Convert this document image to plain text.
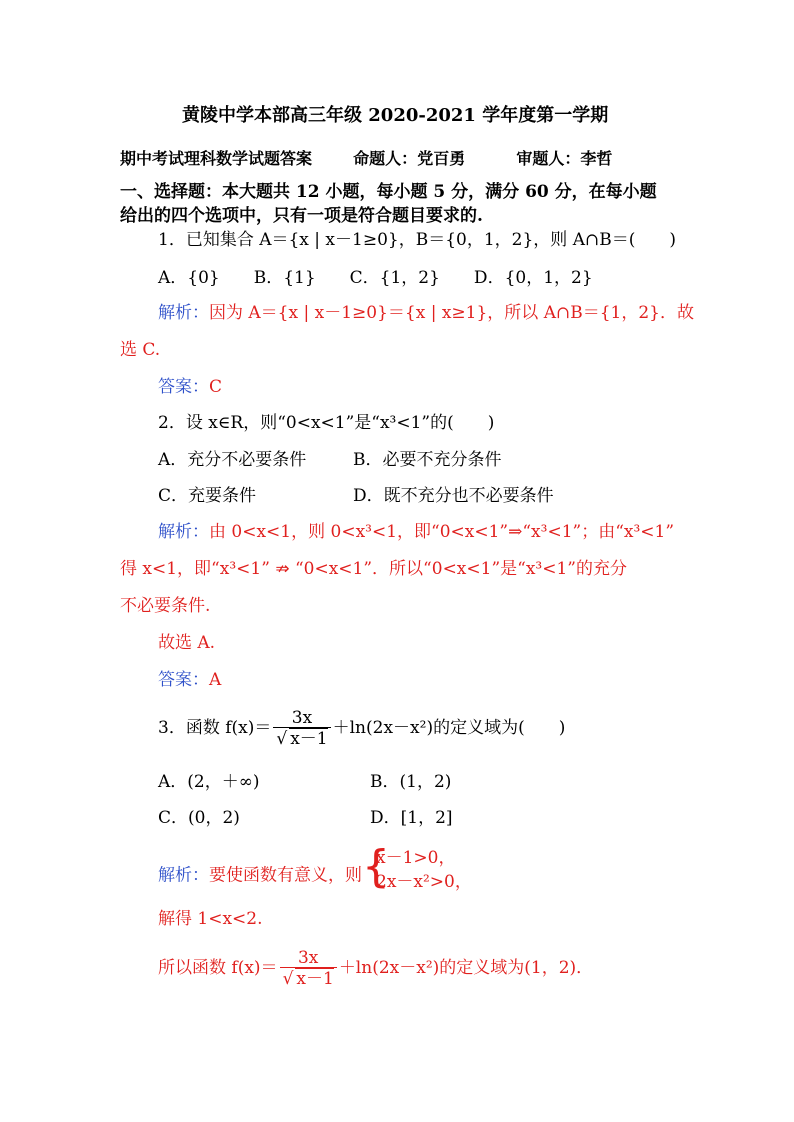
黄陵中学本部高三年级 2020-2021 学年度第一学期
期中考试理科数学试题答案	命题人：党百勇	审题人：李哲
一、选择题：本大题共 12 小题，每小题 5 分，满分 60 分，在每小题
给出的四个选项中，只有一项是符合题目要求的.
1．已知集合 A＝{x | x－1≥0}，B＝{0，1，2}，则 A∩B＝(　　)
A．{0}　　B．{1}　　C．{1，2}　　D．{0，1，2}
解析：因为 A＝{x | x－1≥0}＝{x | x≥1}，所以 A∩B＝{1，2}．故
选 C.
答案：C
2．设 x∈R，则“0<x<1”是“x³<1”的(　　)
A．充分不必要条件	B．必要不充分条件
C．充要条件	D．既不充分也不必要条件
解析：由 0<x<1，则 0<x³<1，即“0<x<1”⇒“x³<1”；由“x³<1”
得 x<1，即“x³<1” ⇏ “0<x<1”．所以“0<x<1”是“x³<1”的充分
不必要条件.
故选 A.
答案：A
3．函数 $f(x)= \frac{3x}{√ x-1} +\ln(2x-x^2)$的定义域为(　　)
A．(2，＋∞)	B．(1，2)
C．(0，2)	D．[1，2]
解析：要使函数有意义，则 {
x－1>0，
2x－x²>0，
解得 1<x<2.
所以函数 $f(x)= \frac{3x}{√ x-1} +\ln(2x-x^2)$的定义域为(1，2)．
